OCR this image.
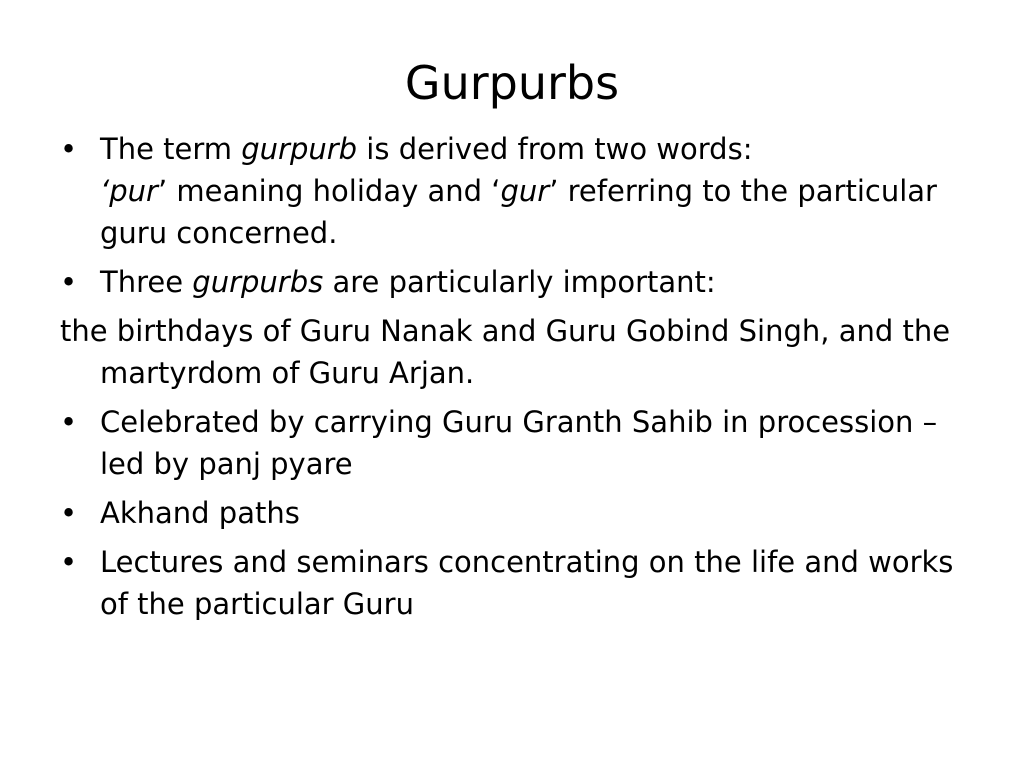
Gurpurbs

• The term gurpurb is derived from two words:
‘pur’ meaning holiday and ‘gur’ referring to the particular guru concerned.

• Three gurpurbs are particularly important:

the birthdays of Guru Nanak and Guru Gobind Singh, and the martyrdom of Guru Arjan.

• Celebrated by carrying Guru Granth Sahib in procession – led by panj pyare

• Akhand paths

• Lectures and seminars concentrating on the life and works of the particular Guru
